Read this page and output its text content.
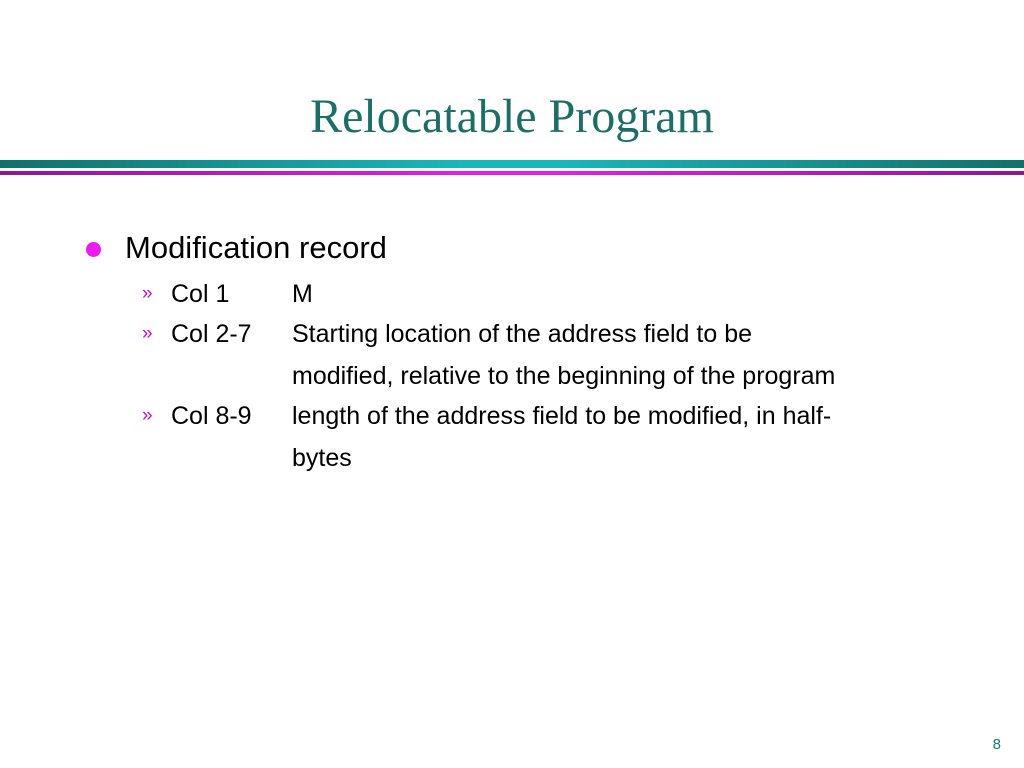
Relocatable Program
Modification record
» Col 1	M
» Col 2-7 Starting location of the address field to be
modified, relative to the beginning of the program
» Col 8-9 length of the address field to be modified, in half-
bytes
8
